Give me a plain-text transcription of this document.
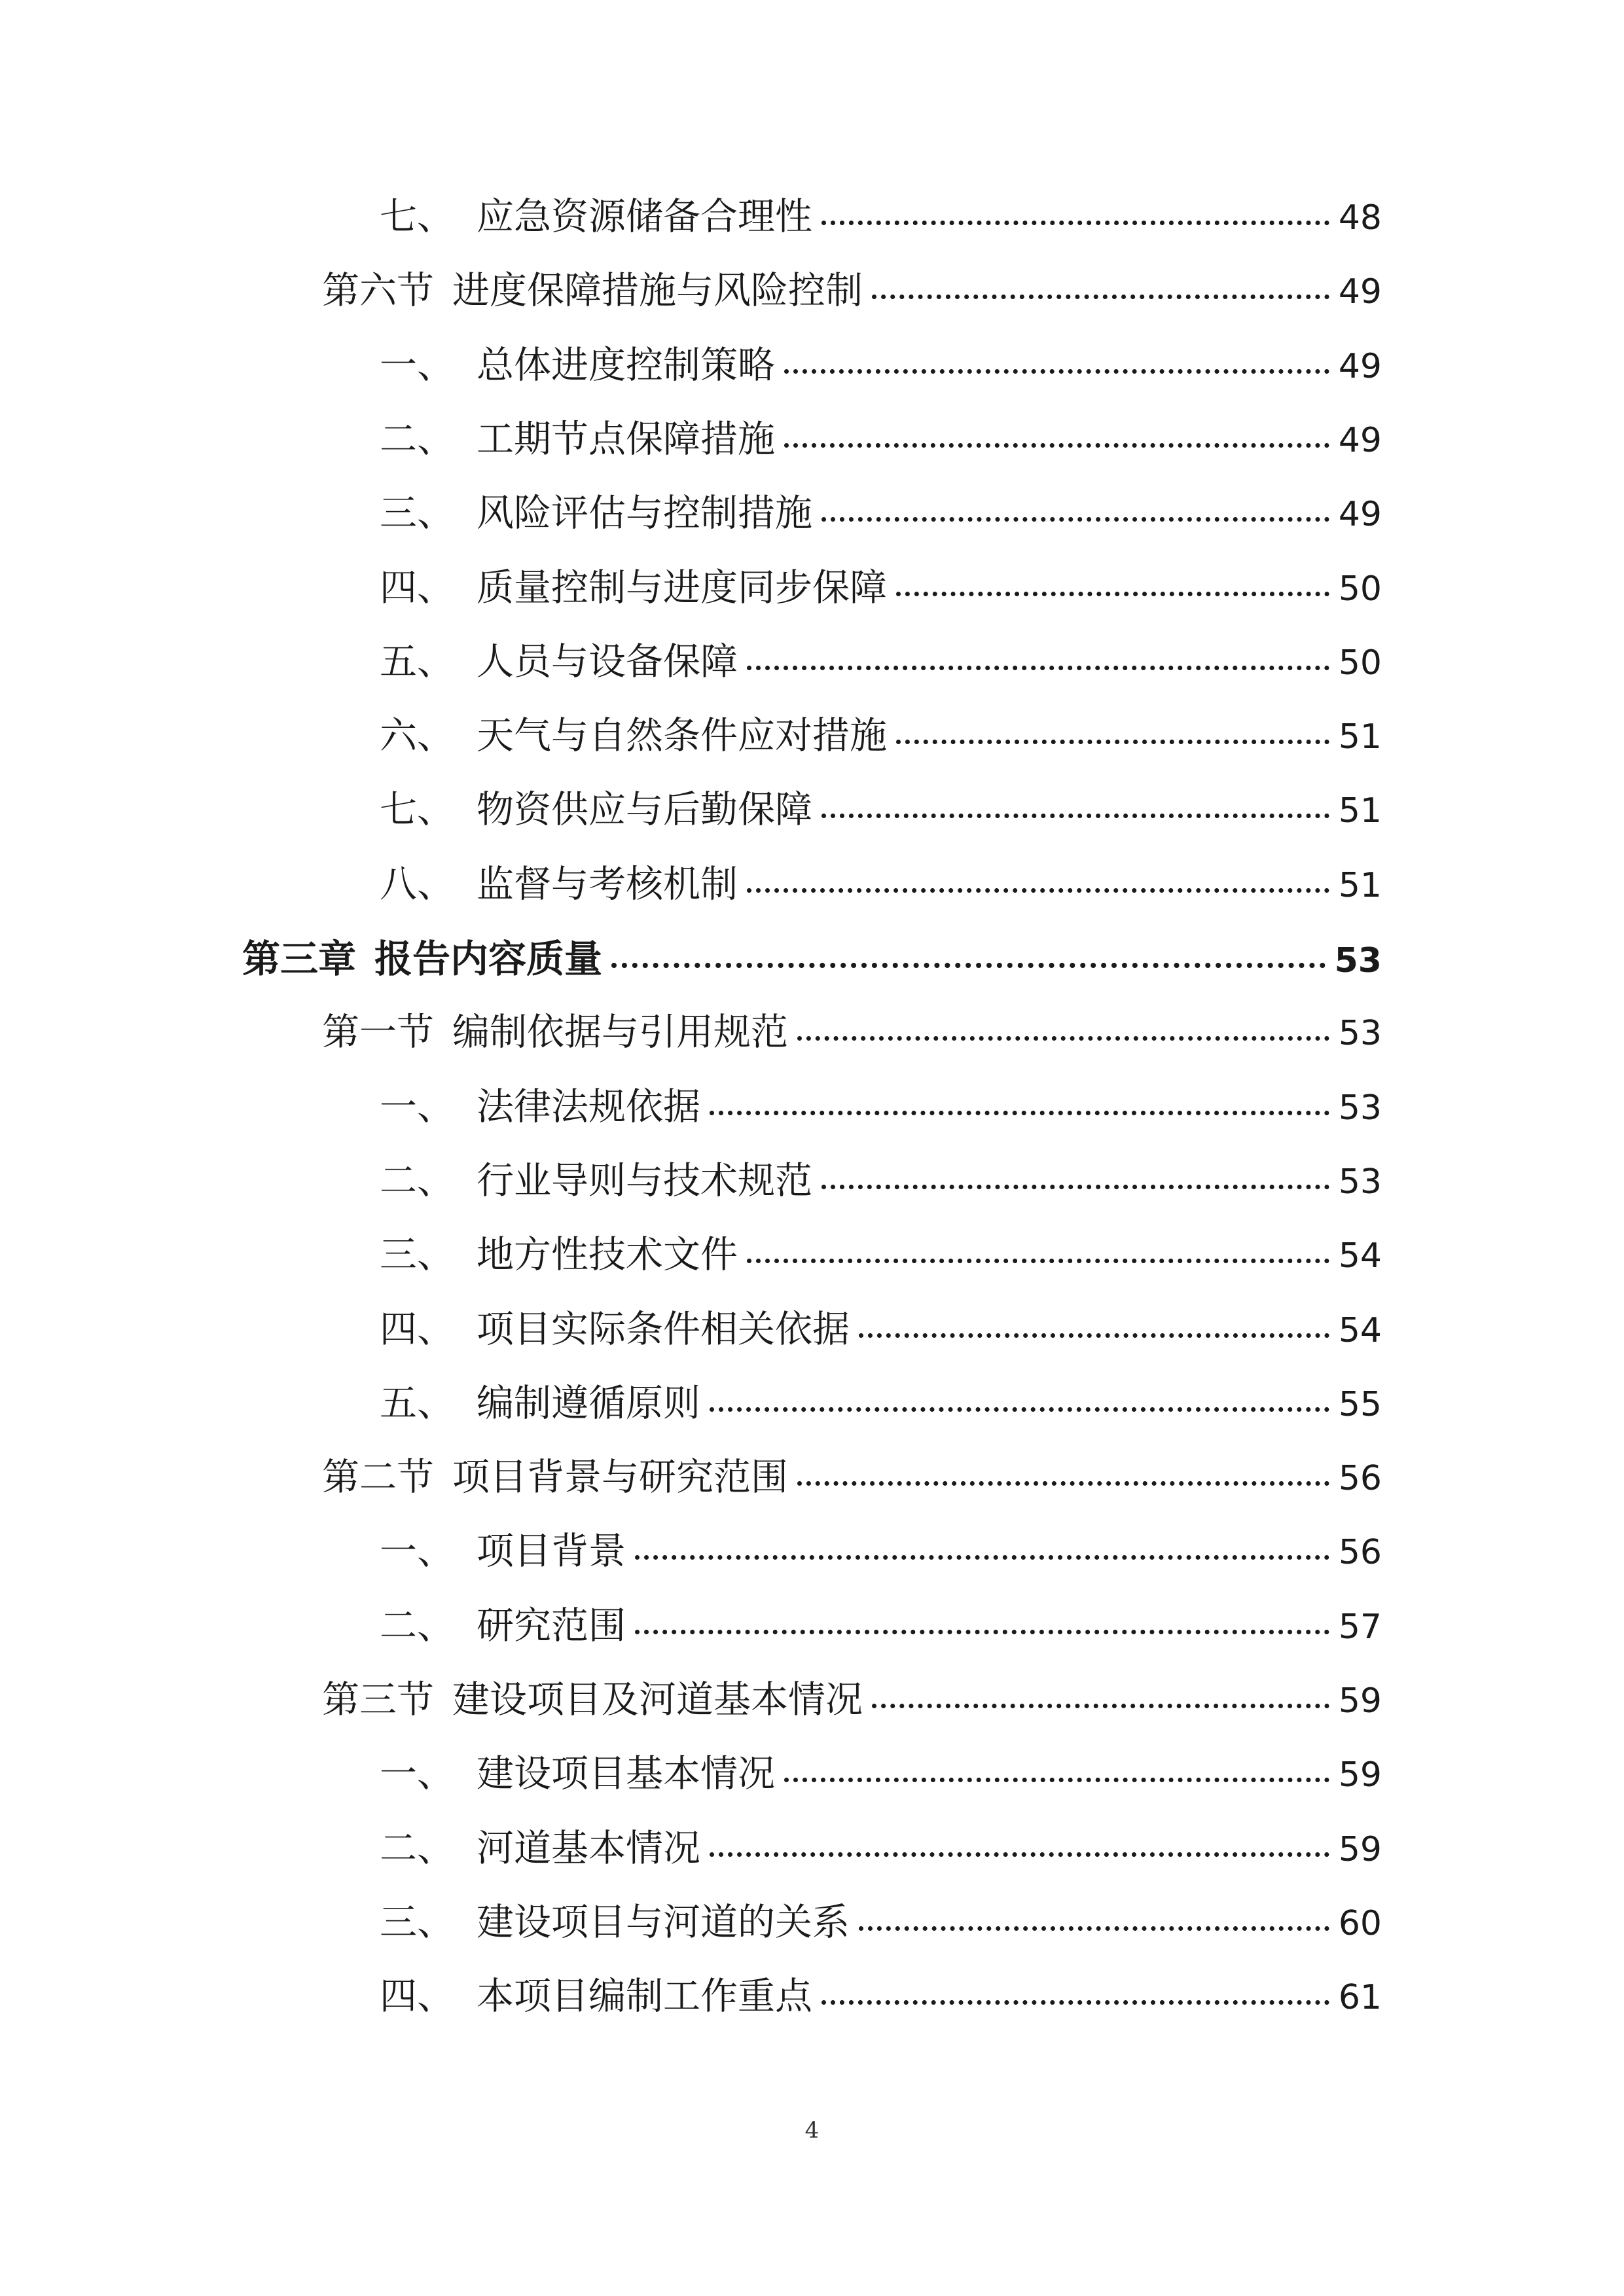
七、 应急资源储备合理性	48
第六节 进度保障措施与风险控制	49
一、 总体进度控制策略	49
二、 工期节点保障措施	49
三、 风险评估与控制措施	49
四、 质量控制与进度同步保障	50
五、 人员与设备保障	50
六、 天气与自然条件应对措施	51
七、 物资供应与后勤保障	51
八、 监督与考核机制	51
第三章 报告内容质量	53
第一节 编制依据与引用规范	53
一、 法律法规依据	53
二、 行业导则与技术规范	53
三、 地方性技术文件	54
四、 项目实际条件相关依据	54
五、 编制遵循原则	55
第二节 项目背景与研究范围	56
一、 项目背景	56
二、 研究范围	57
第三节 建设项目及河道基本情况	59
一、 建设项目基本情况	59
二、 河道基本情况	59
三、 建设项目与河道的关系	60
四、 本项目编制工作重点	61
4
